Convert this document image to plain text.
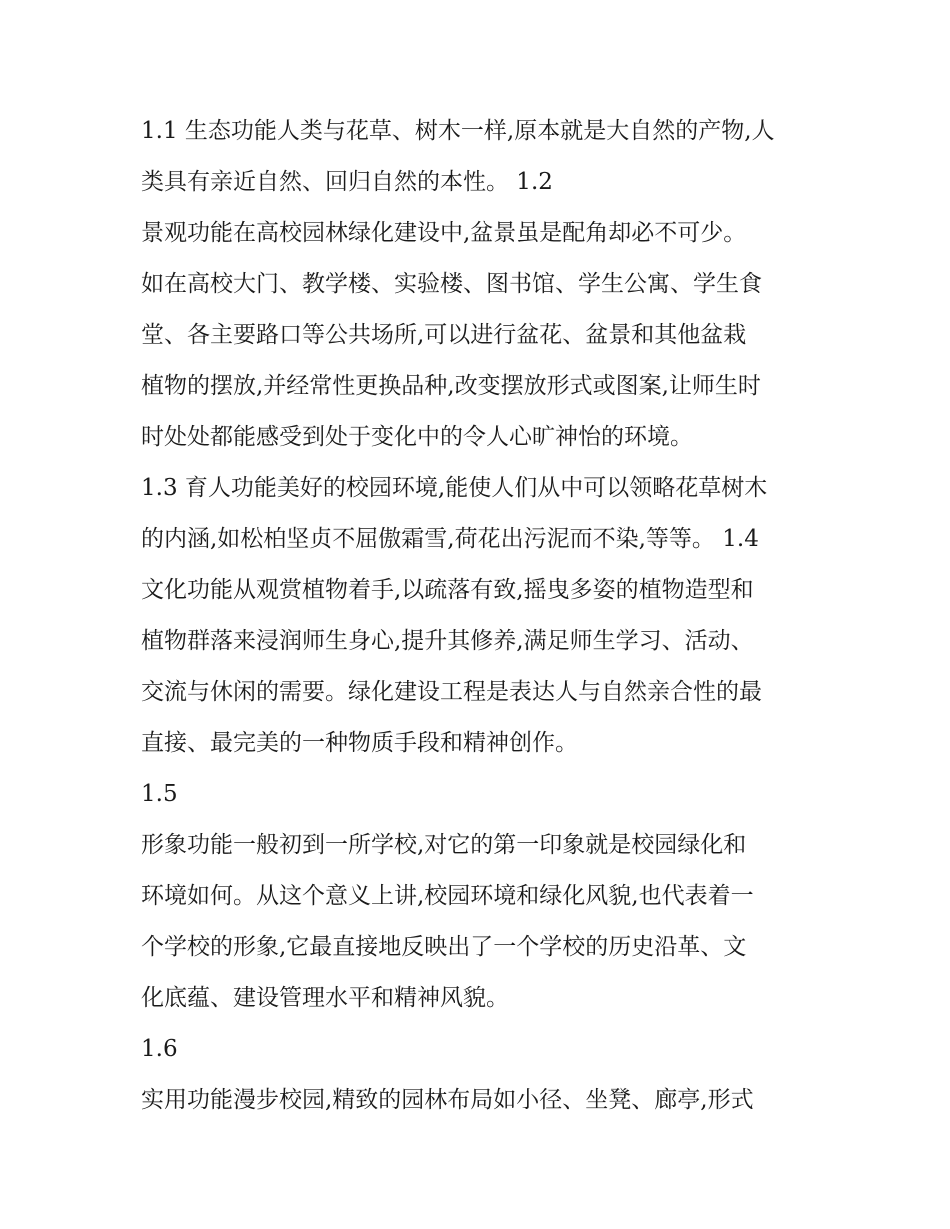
1.1 生态功能人类与花草、树木一样,原本就是大自然的产物,人
类具有亲近自然、回归自然的本性。 1.2
景观功能在高校园林绿化建设中,盆景虽是配角却必不可少。
如在高校大门、教学楼、实验楼、图书馆、学生公寓、学生食
堂、各主要路口等公共场所,可以进行盆花、盆景和其他盆栽
植物的摆放,并经常性更换品种,改变摆放形式或图案,让师生时
时处处都能感受到处于变化中的令人心旷神怡的环境。
1.3 育人功能美好的校园环境,能使人们从中可以领略花草树木
的内涵,如松柏坚贞不屈傲霜雪,荷花出污泥而不染,等等。 1.4
文化功能从观赏植物着手,以疏落有致,摇曳多姿的植物造型和
植物群落来浸润师生身心,提升其修养,满足师生学习、活动、
交流与休闲的需要。绿化建设工程是表达人与自然亲合性的最
直接、最完美的一种物质手段和精神创作。
1.5
形象功能一般初到一所学校,对它的第一印象就是校园绿化和
环境如何。从这个意义上讲,校园环境和绿化风貌,也代表着一
个学校的形象,它最直接地反映出了一个学校的历史沿革、文
化底蕴、建设管理水平和精神风貌。
1.6
实用功能漫步校园,精致的园林布局如小径、坐凳、廊亭,形式
